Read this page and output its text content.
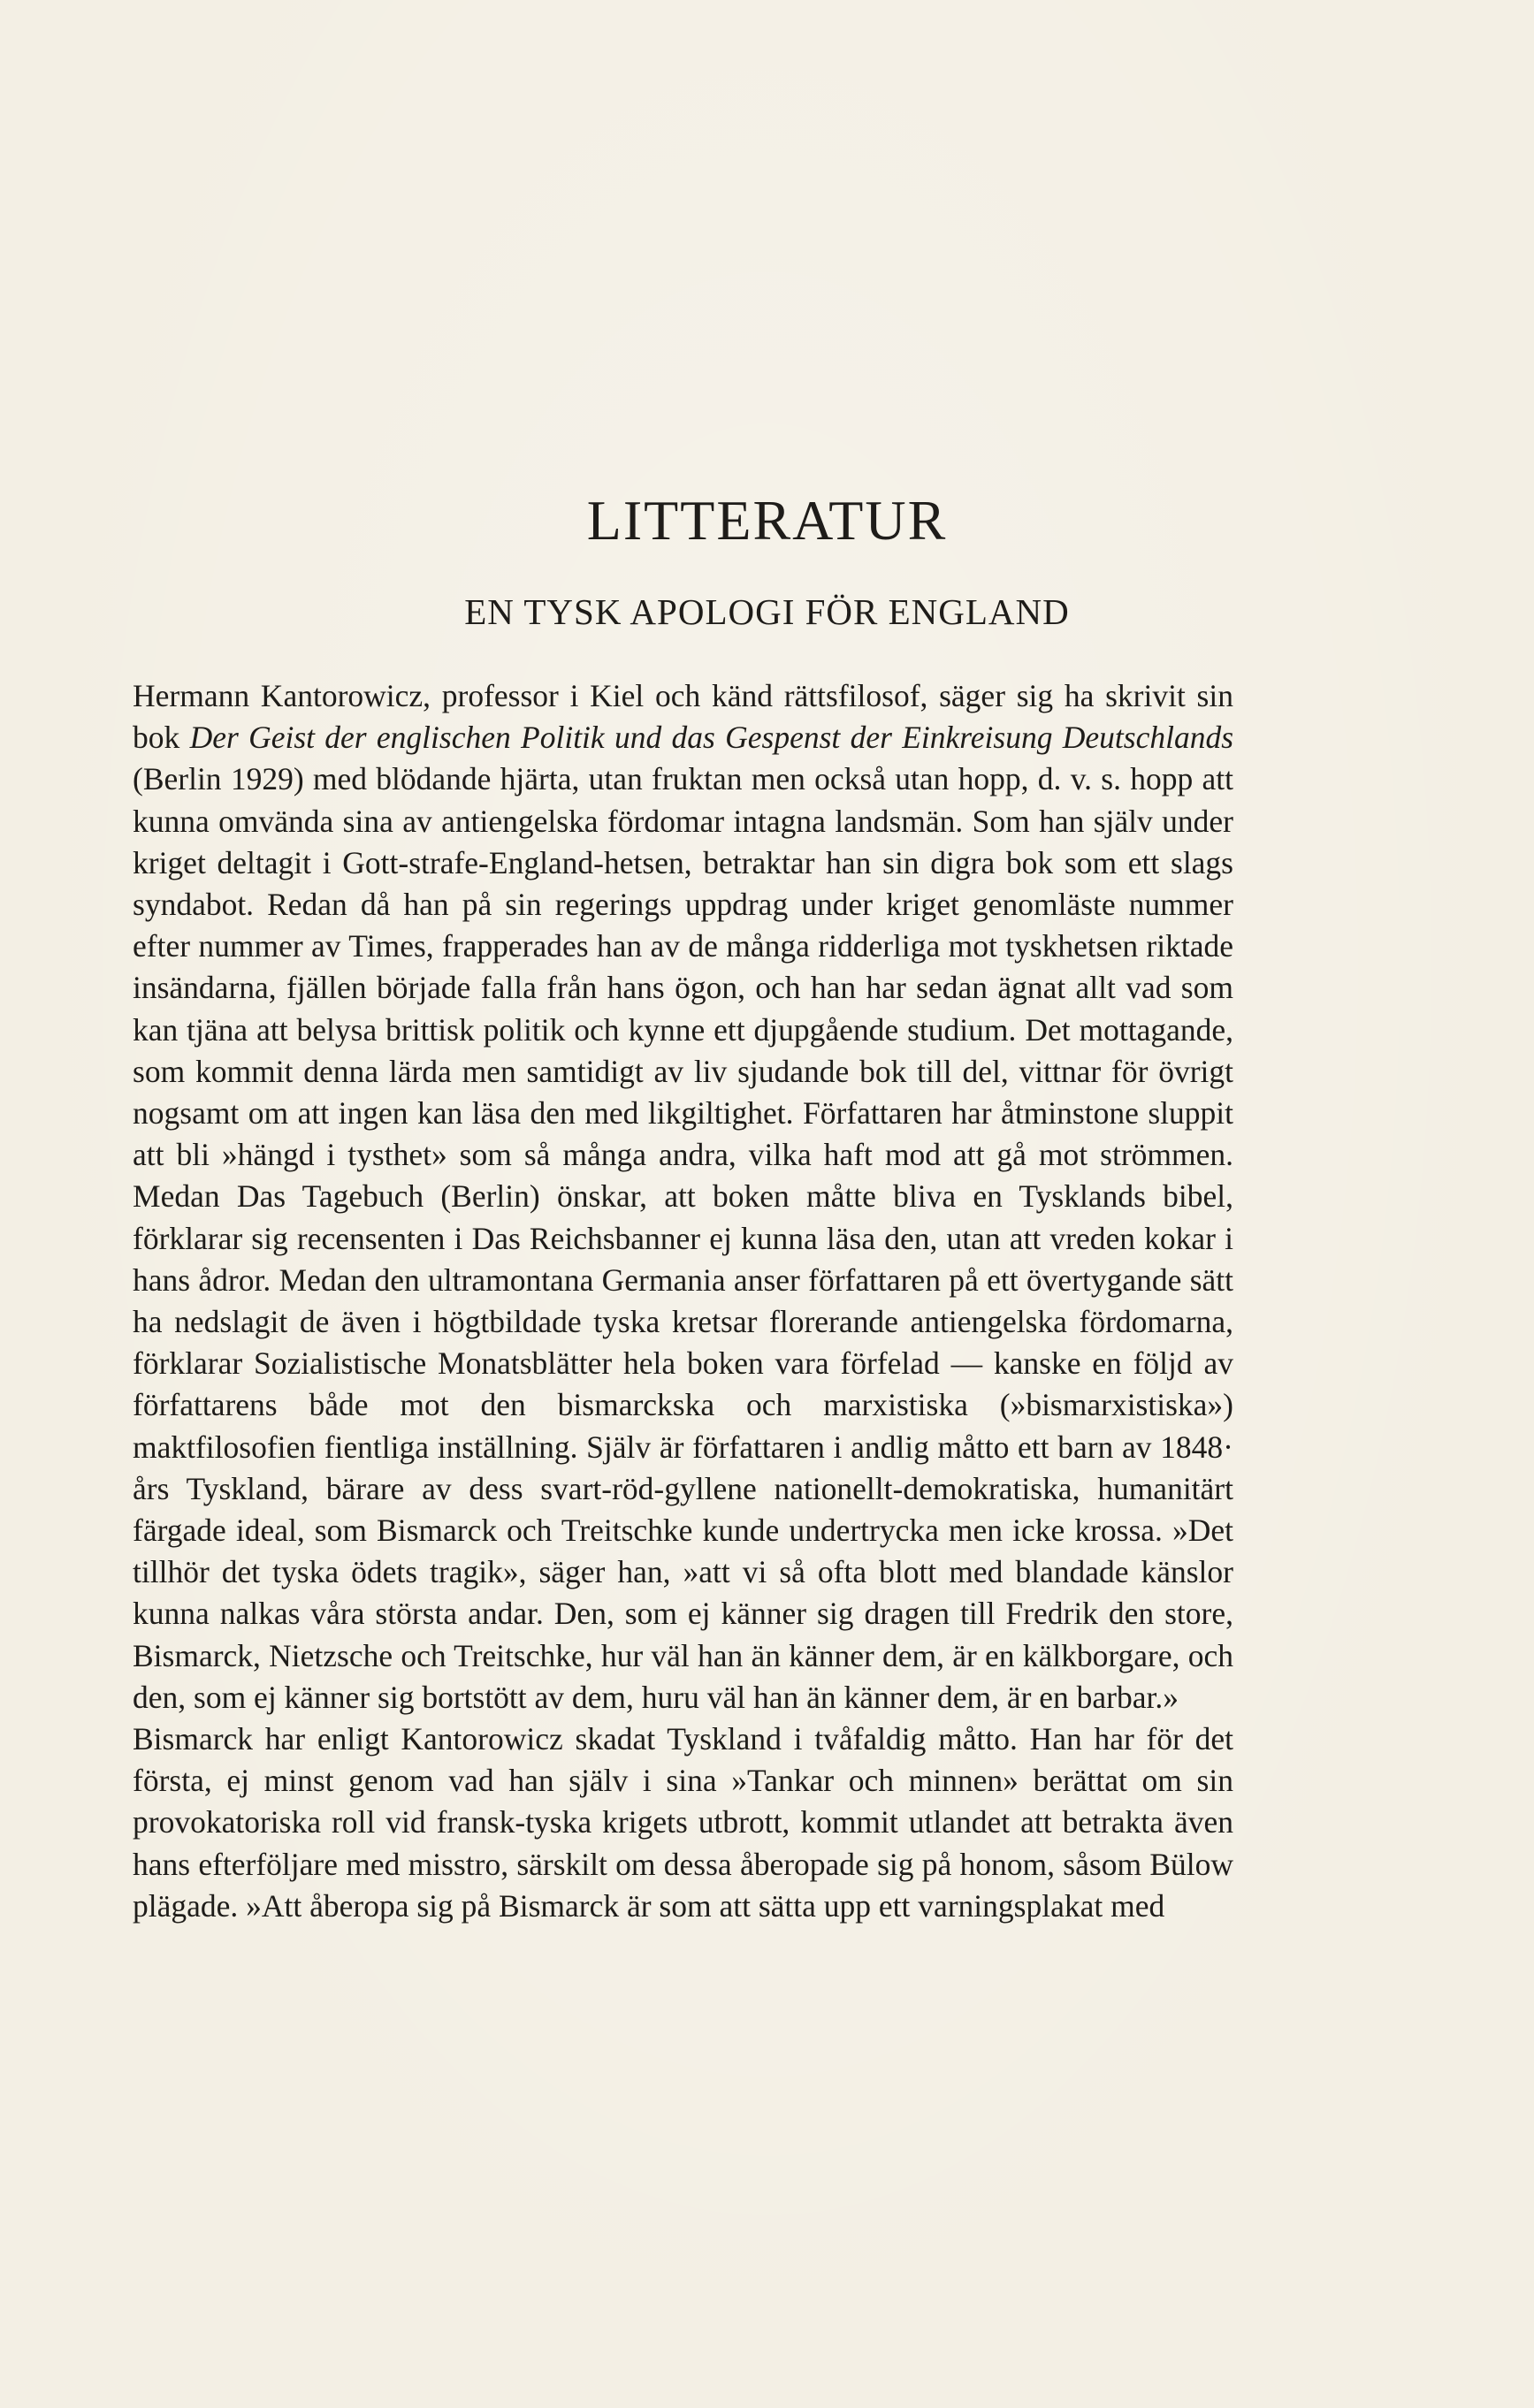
LITTERATUR
EN TYSK APOLOGI FÖR ENGLAND

Hermann Kantorowicz, professor i Kiel och känd rättsfilosof, säger sig ha skrivit sin bok Der Geist der englischen Politik und das Gespenst der Einkreisung Deutschlands (Berlin 1929) med blödande hjärta, utan fruktan men också utan hopp, d. v. s. hopp att kunna omvända sina av antiengelska fördomar intagna landsmän. Som han själv under kriget deltagit i Gott-strafe-England-hetsen, betraktar han sin digra bok som ett slags syndabot. Redan då han på sin regerings uppdrag under kriget genomläste nummer efter nummer av Times, frapperades han av de många ridderliga mot tyskhetsen riktade insändarna, fjällen började falla från hans ögon, och han har sedan ägnat allt vad som kan tjäna att belysa brittisk politik och kynne ett djupgående studium. Det mottagande, som kommit denna lärda men samtidigt av liv sjudande bok till del, vittnar för övrigt nogsamt om att ingen kan läsa den med likgiltighet. Författaren har åtminstone sluppit att bli »hängd i tysthet» som så många andra, vilka haft mod att gå mot strömmen. Medan Das Tagebuch (Berlin) önskar, att boken måtte bliva en Tysklands bibel, förklarar sig recensenten i Das Reichsbanner ej kunna läsa den, utan att vreden kokar i hans ådror. Medan den ultramontana Germania anser författaren på ett övertygande sätt ha nedslagit de även i högtbildade tyska kretsar florerande antiengelska fördomarna, förklarar Sozialistische Monatsblätter hela boken vara förfelad — kanske en följd av författarens både mot den bismarckska och marxistiska (»bismarxistiska») maktfilosofien fientliga inställning. Själv är författaren i andlig måtto ett barn av 1848· års Tyskland, bärare av dess svart-röd-gyllene nationellt-demokratiska, humanitärt färgade ideal, som Bismarck och Treitschke kunde undertrycka men icke krossa. »Det tillhör det tyska ödets tragik», säger han, »att vi så ofta blott med blandade känslor kunna nalkas våra största andar. Den, som ej känner sig dragen till Fredrik den store, Bismarck, Nietzsche och Treitschke, hur väl han än känner dem, är en kälkborgare, och den, som ej känner sig bortstött av dem, huru väl han än känner dem, är en barbar.»

Bismarck har enligt Kantorowicz skadat Tyskland i tvåfaldig måtto. Han har för det första, ej minst genom vad han själv i sina »Tankar och minnen» berättat om sin provokatoriska roll vid fransk-tyska krigets utbrott, kommit utlandet att betrakta även hans efterföljare med misstro, särskilt om dessa åberopade sig på honom, såsom Bülow plägade. »Att åberopa sig på Bismarck är som att sätta upp ett varningsplakat med
